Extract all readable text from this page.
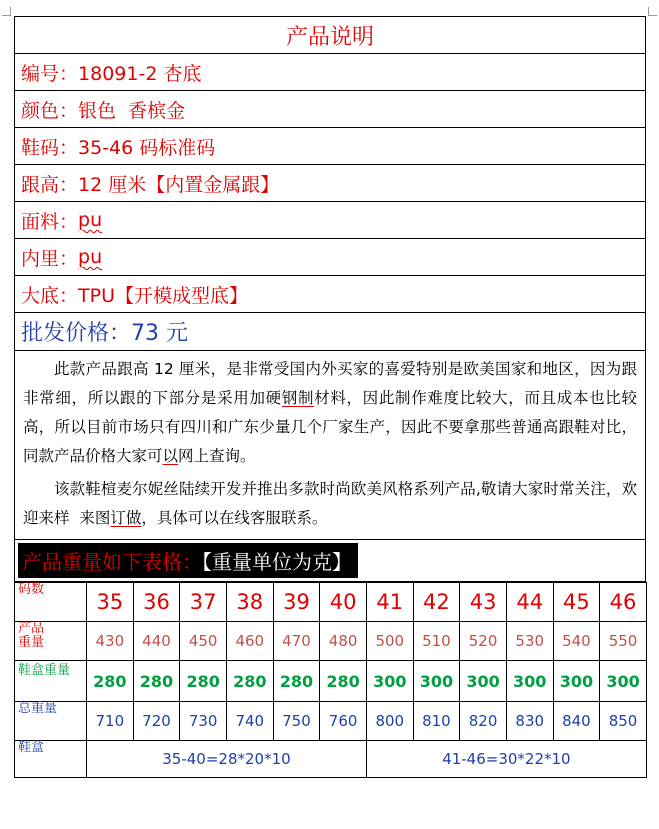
产品说明
编号： 18091-2 杏底
颜色： 银色  香槟金
鞋码： 35-46 码标准码
跟高： 12 厘米【内置金属跟】
面料： pu
内里： pu
大底： TPU【开模成型底】
批发价格： 73 元

此款产品跟高 12 厘米，是非常受国内外买家的喜爱特别是欧美国家和地区，因为跟非常细，所以跟的下部分是采用加硬钢制材料，因此制作难度比较大，而且成本也比较高，所以目前市场只有四川和广东少量几个厂家生产，因此不要拿那些普通高跟鞋对比，同款产品价格大家可以网上查询。

该款鞋楦麦尔妮丝陆续开发并推出多款时尚欧美风格系列产品,敬请大家时常关注，欢迎来样  来图订做，具体可以在线客服联系。

产品重量如下表格：【重量单位为克】
码数	35	36	37	38	39	40	41	42	43	44	45	46
产品
重量	430	440	450	460	470	480	500	510	520	530	540	550
鞋盒重量	280	280	280	280	280	280	300	300	300	300	300	300
总重量	710	720	730	740	750	760	800	810	820	830	840	850
鞋盒	35-40=28*20*10						41-46=30*22*10					
